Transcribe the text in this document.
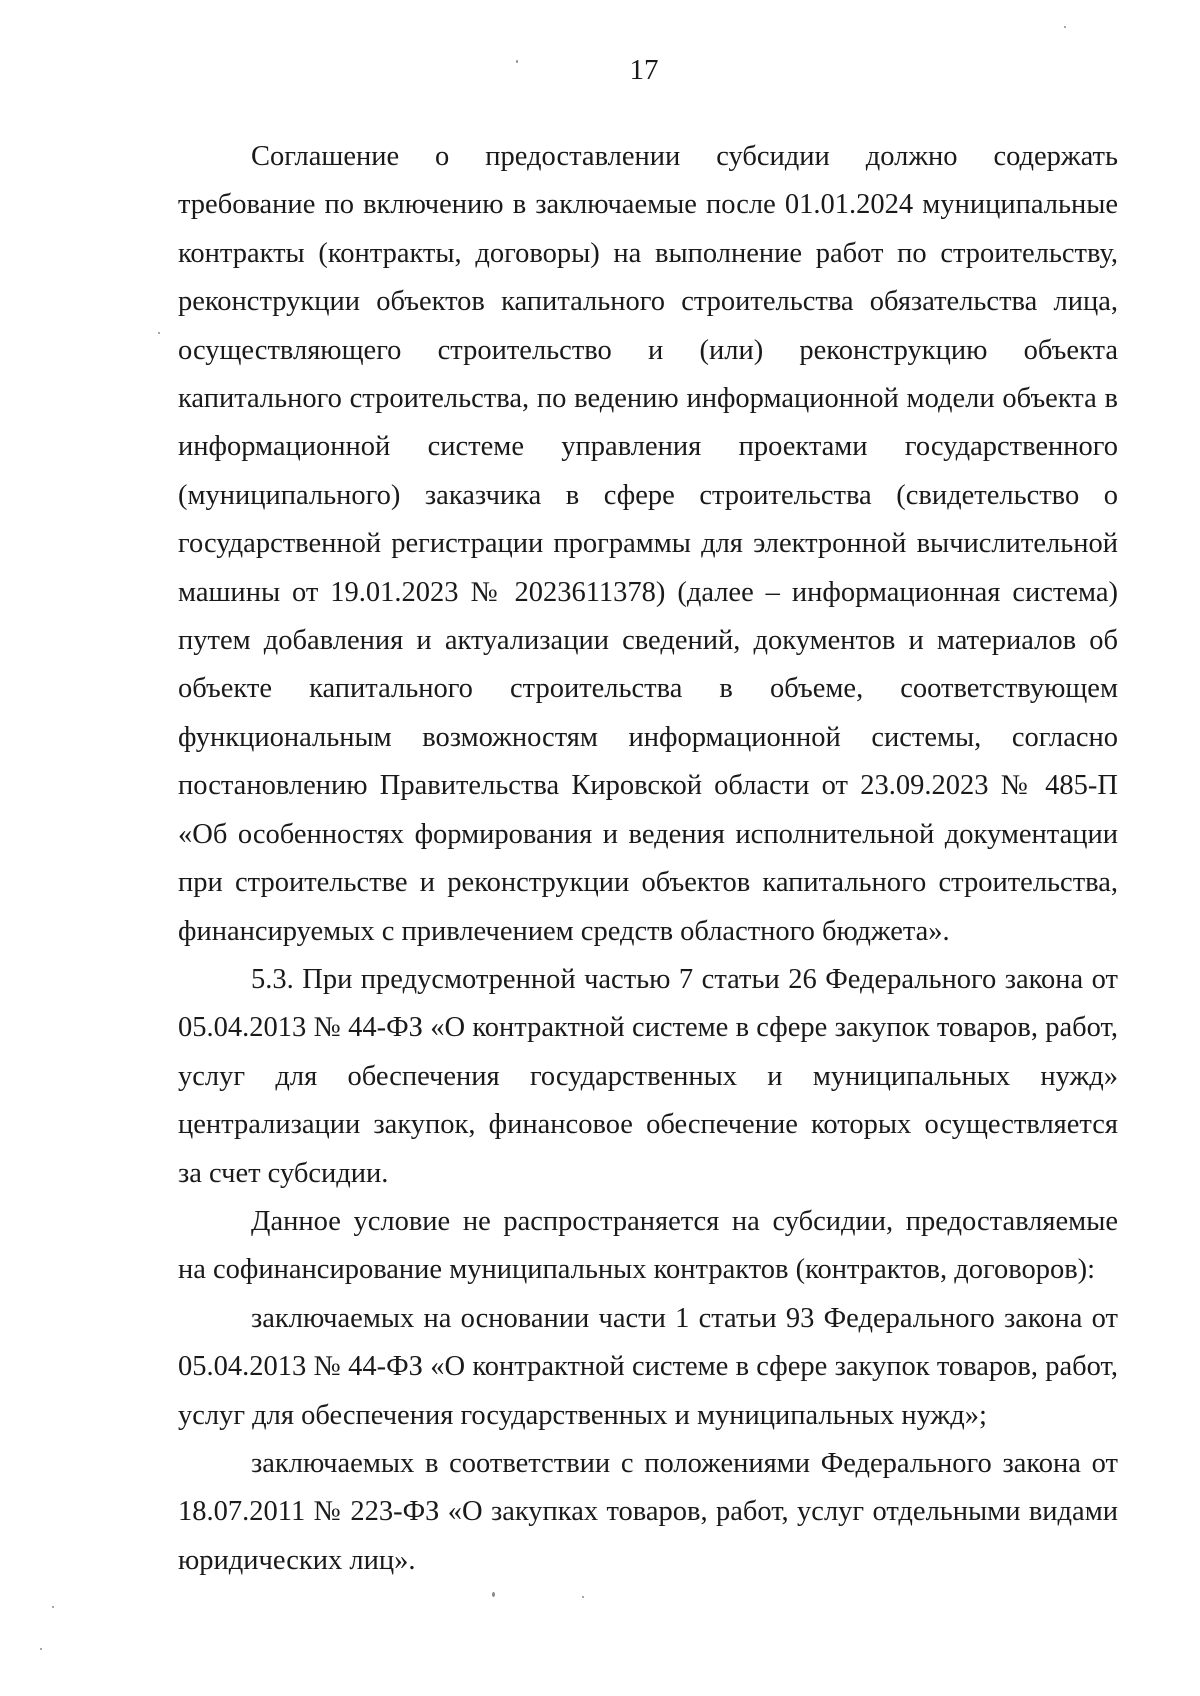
17

Соглашение о предоставлении субсидии должно содержать требование по включению в заключаемые после 01.01.2024 муниципальные контракты (контракты, договоры) на выполнение работ по строительству, реконструкции объектов капитального строительства обязательства лица, осуществляющего строительство и (или) реконструкцию объекта капитального строительства, по ведению информационной модели объекта в информационной системе управления проектами государственного (муниципального) заказчика в сфере строительства (свидетельство о государственной регистрации программы для электронной вычислительной машины от 19.01.2023 № 2023611378) (далее – информационная система) путем добавления и актуализации сведений, документов и материалов об объекте капитального строительства в объеме, соответствующем функциональным возможностям информационной системы, согласно постановлению Правительства Кировской области от 23.09.2023 № 485-П «Об особенностях формирования и ведения исполнительной документации при строительстве и реконструкции объектов капитального строительства, финансируемых с привлечением средств областного бюджета».

5.3. При предусмотренной частью 7 статьи 26 Федерального закона от 05.04.2013 № 44-ФЗ «О контрактной системе в сфере закупок товаров, работ, услуг для обеспечения государственных и муниципальных нужд» централизации закупок, финансовое обеспечение которых осуществляется за счет субсидии.

Данное условие не распространяется на субсидии, предоставляемые на софинансирование муниципальных контрактов (контрактов, договоров):

заключаемых на основании части 1 статьи 93 Федерального закона от 05.04.2013 № 44-ФЗ «О контрактной системе в сфере закупок товаров, работ, услуг для обеспечения государственных и муниципальных нужд»;

заключаемых в соответствии с положениями Федерального закона от 18.07.2011 № 223-ФЗ «О закупках товаров, работ, услуг отдельными видами юридических лиц».
